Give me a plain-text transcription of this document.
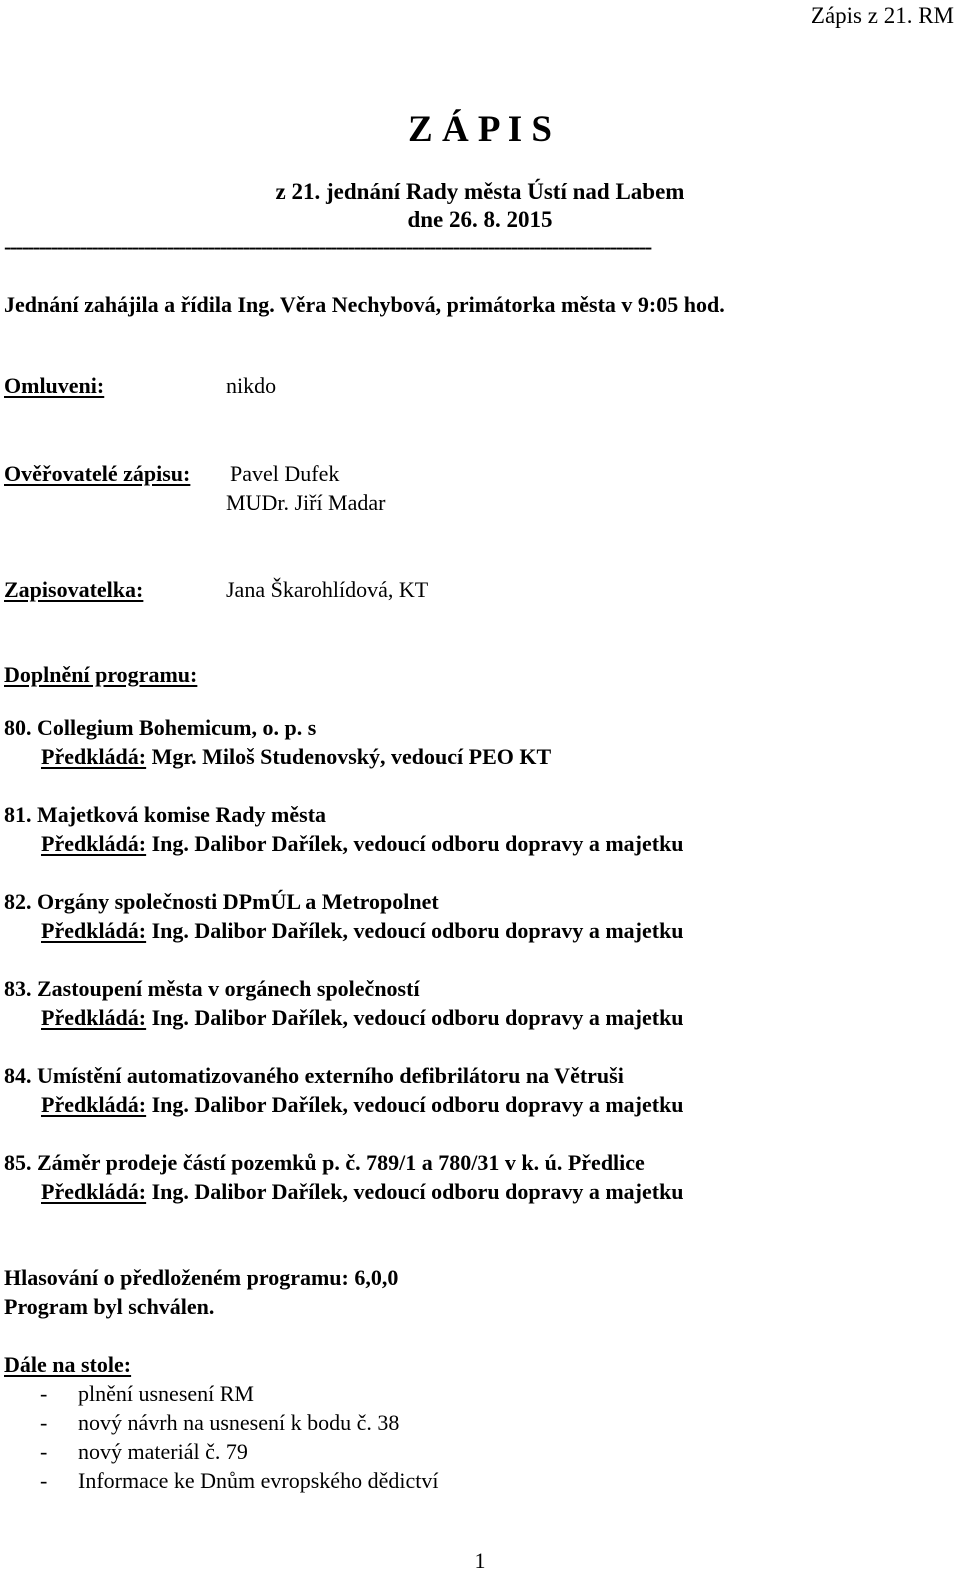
Zápis z 21. RM
Z Á P I S
z 21. jednání Rady města Ústí nad Labem
dne 26. 8. 2015
---------------------------------------------------------------------------------------------------------------
Jednání zahájila a řídila Ing. Věra Nechybová, primátorka města v 9:05 hod.
Omluveni:	nikdo
Ověřovatelé zápisu: Pavel Dufek
MUDr. Jiří Madar
Zapisovatelka:	Jana Škarohlídová, KT
Doplnění programu:
80. Collegium Bohemicum, o. p. s
Předkládá: Mgr. Miloš Studenovský, vedoucí PEO KT
81. Majetková komise Rady města
Předkládá: Ing. Dalibor Dařílek, vedoucí odboru dopravy a majetku
82. Orgány společnosti DPmÚL a Metropolnet
Předkládá: Ing. Dalibor Dařílek, vedoucí odboru dopravy a majetku
83. Zastoupení města v orgánech společností
Předkládá: Ing. Dalibor Dařílek, vedoucí odboru dopravy a majetku
84. Umístění automatizovaného externího defibrilátoru na Větruši
Předkládá: Ing. Dalibor Dařílek, vedoucí odboru dopravy a majetku
85. Záměr prodeje částí pozemků p. č. 789/1 a 780/31 v k. ú. Předlice
Předkládá: Ing. Dalibor Dařílek, vedoucí odboru dopravy a majetku
Hlasování o předloženém programu: 6,0,0
Program byl schválen.
Dále na stole:
- plnění usnesení RM
- nový návrh na usnesení k bodu č. 38
- nový materiál č. 79
- Informace ke Dnům evropského dědictví
1
